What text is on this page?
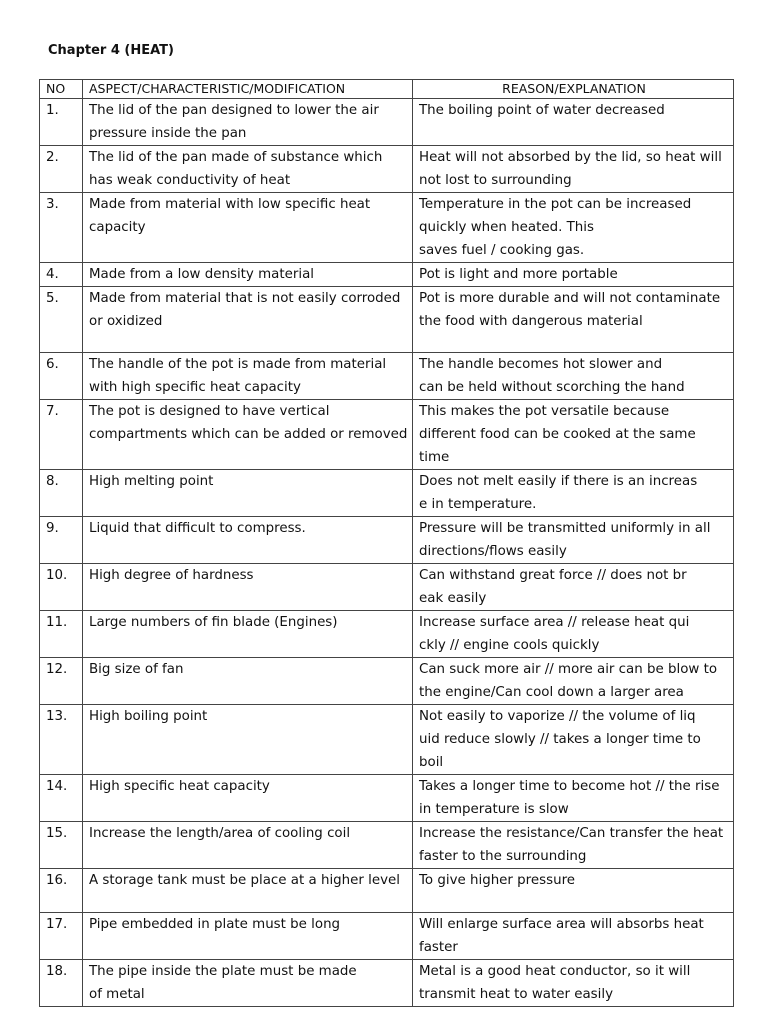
Chapter 4 (HEAT)
NO	ASPECT/CHARACTERISTIC/MODIFICATION	REASON/EXPLANATION
1.	The lid of the pan designed to lower the air pressure inside the pan	The boiling point of water decreased
2.	The lid of the pan made of substance which has weak conductivity of heat	Heat will not absorbed by the lid, so heat will not lost to surrounding
3.	Made from material with low specific heat capacity	Temperature in the pot can be increased quickly when heated. This
saves fuel / cooking gas.
4.	Made from a low density material	Pot is light and more portable
5.	Made from material that is not easily corroded or oxidized	Pot is more durable and will not contaminate the food with dangerous material
6.	The handle of the pot is made from material with high specific heat capacity	The handle becomes hot slower and
can be held without scorching the hand
7.	The pot is designed to have vertical compartments which can be added or removed	This makes the pot versatile because different food can be cooked at the same time
8.	High melting point	Does not melt easily if there is an increas
e in temperature.
9.	Liquid that difficult to compress.	Pressure will be transmitted uniformly in all directions/flows easily
10.	High degree of hardness	Can withstand great force // does not br
eak easily
11.	Large numbers of fin blade (Engines)	Increase surface area // release heat qui
ckly // engine cools quickly
12.	Big size of fan	Can suck more air // more air can be blow to the engine/Can cool down a larger area
13.	High boiling point	Not easily to vaporize // the volume of liq
uid reduce slowly // takes a longer time to boil
14.	High specific heat capacity	Takes a longer time to become hot // the rise in temperature is slow
15.	Increase the length/area of cooling coil	Increase the resistance/Can transfer the heat faster to the surrounding
16.	A storage tank must be place at a higher level	To give higher pressure
17.	Pipe embedded in plate must be long	Will enlarge surface area will absorbs heat faster
18.	The pipe inside the plate must be made
of metal	Metal is a good heat conductor, so it will transmit heat to water easily
